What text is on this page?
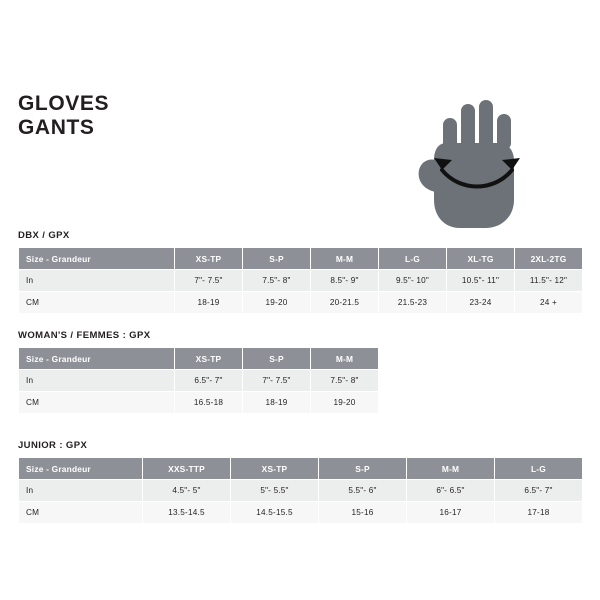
GLOVES
GANTS
DBX / GPX
Size - Grandeur	XS-TP	S-P	M-M	L-G	XL-TG	2XL-2TG
In	7"- 7.5"	7.5"- 8"	8.5"- 9"	9.5"- 10"	10.5"- 11"	11.5"- 12"
CM	18-19	19-20	20-21.5	21.5-23	23-24	24 +
WOMAN'S / FEMMES : GPX
Size - Grandeur	XS-TP	S-P	M-M
In	6.5"- 7"	7"- 7.5"	7.5"- 8"
CM	16.5-18	18-19	19-20
JUNIOR : GPX
Size - Grandeur	XXS-TTP	XS-TP	S-P	M-M	L-G
In	4.5"- 5"	5"- 5.5"	5.5"- 6"	6"- 6.5"	6.5"- 7"
CM	13.5-14.5	14.5-15.5	15-16	16-17	17-18
